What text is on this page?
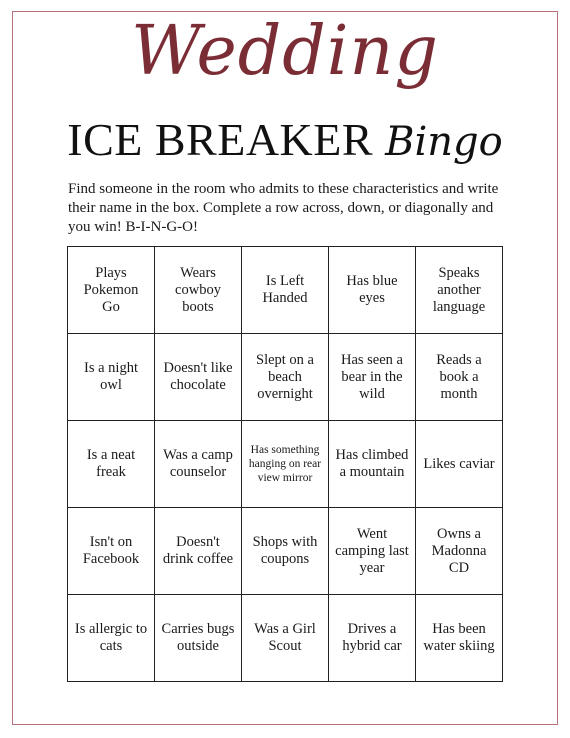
Wedding
ICE BREAKER Bingo
Find someone in the room who admits to these characteristics and write their name in the box. Complete a row across, down, or diagonally and you win! B-I-N-G-O!
Plays Pokemon Go
Wears cowboy boots
Is Left Handed
Has blue eyes
Speaks another language
Is a night owl
Doesn't like chocolate
Slept on a beach overnight
Has seen a bear in the wild
Reads a book a month
Is a neat freak
Was a camp counselor
Has something hanging on rear view mirror
Has climbed a mountain
Likes caviar
Isn't on Facebook
Doesn't drink coffee
Shops with coupons
Went camping last year
Owns a Madonna CD
Is allergic to cats
Carries bugs outside
Was a Girl Scout
Drives a hybrid car
Has been water skiing
